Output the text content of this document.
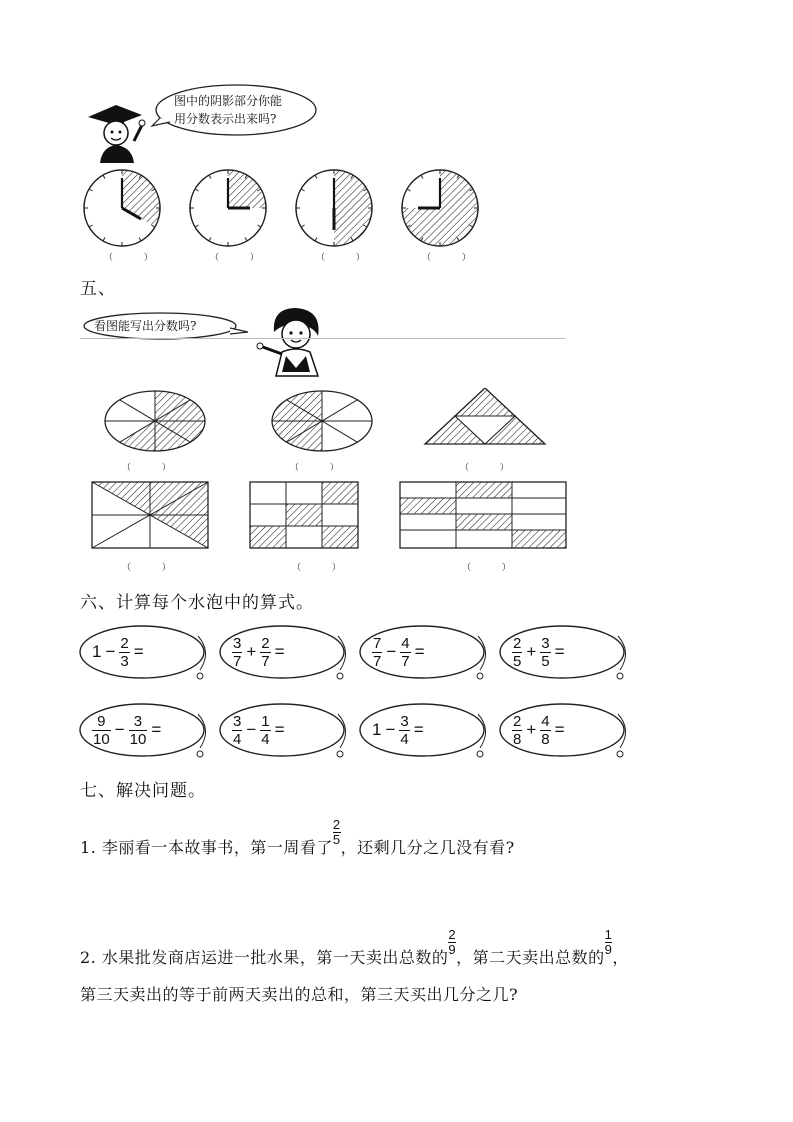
图中的阴影部分你能
用分数表示出来吗?
（ ）	（ ）	（ ）	（ ）
五、
看图能写出分数吗?
（ ）	（ ）	（ ）
（ ）	（ ）	（ ）
六、计算每个水泡中的算式。
$1 - \frac{2}{3}$ =	$\frac{3}{7} + \frac{2}{7}$ =	$\frac{7}{7} - \frac{4}{7}$ =	$\frac{2}{5} + \frac{3}{5}$ =
$\frac{9}{10} - \frac{3}{10}$ =	$\frac{3}{4} - \frac{1}{4}$ =	$1 - \frac{3}{4}$ =	$\frac{2}{8} + \frac{4}{8}$ =
七、解决问题。
1. 李丽看一本故事书，第一周看了
$\frac{2}{5}$
，还剩几分之几没有看?
2. 水果批发商店运进一批水果，第一天卖出总数的
$\frac{2}{9}$
，第二天卖出总数的
$\frac{1}{9}$
，
第三天卖出的等于前两天卖出的总和，第三天买出几分之几?
